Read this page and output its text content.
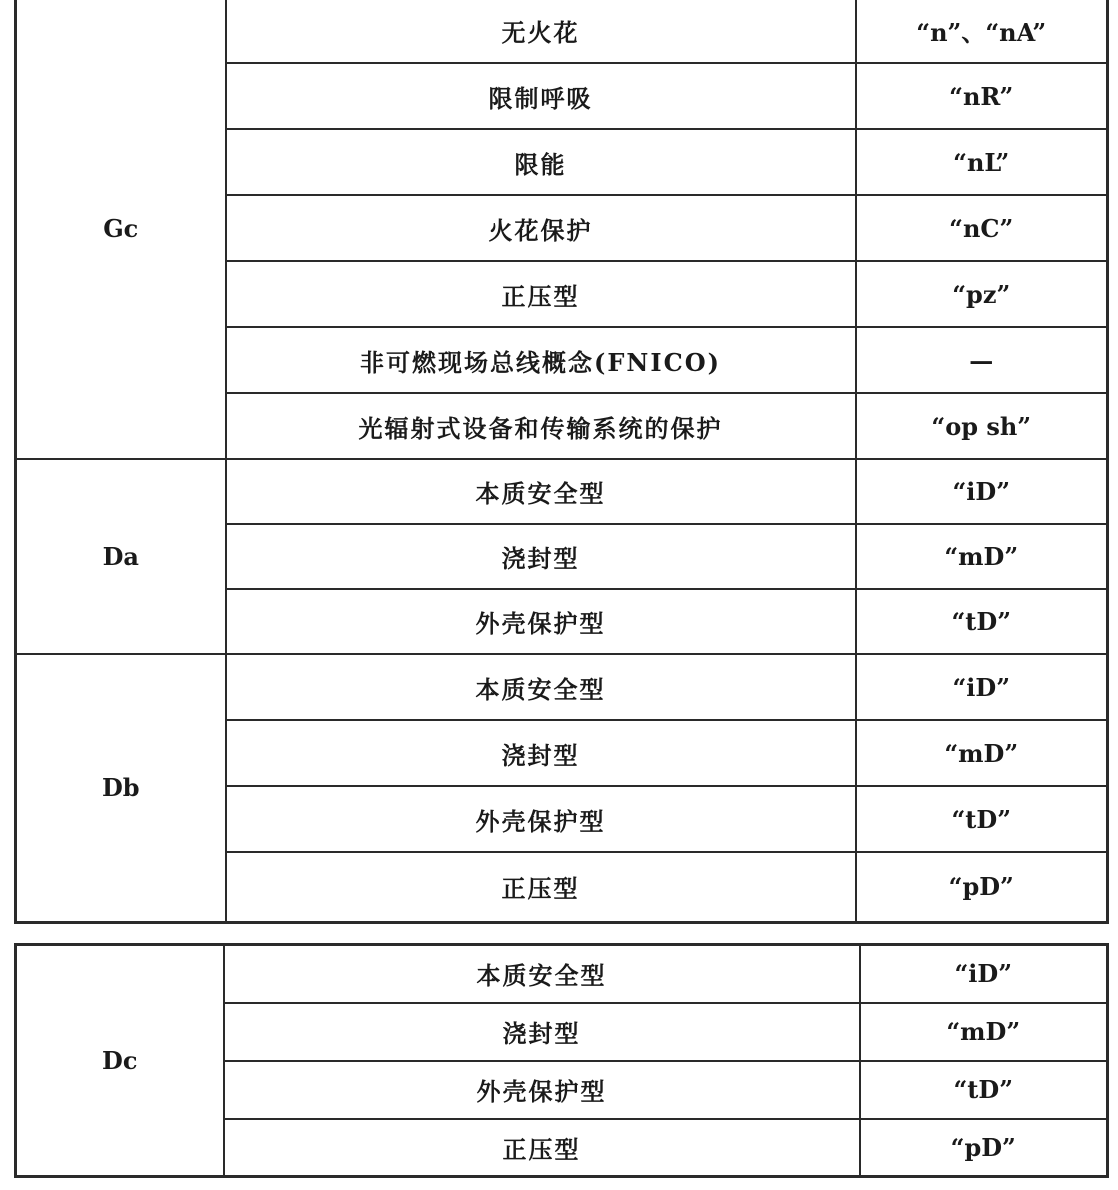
Gc	无火花	“n”、“nA”
	限制呼吸	“nR”
	限能	“nL”
	火花保护	“nC”
	正压型	“pz”
	非可燃现场总线概念(FNICO)	—
	光辐射式设备和传输系统的保护	“op sh”
Da	本质安全型	“iD”
	浇封型	“mD”
	外壳保护型	“tD”
Db	本质安全型	“iD”
	浇封型	“mD”
	外壳保护型	“tD”
	正压型	“pD”
Dc	本质安全型	“iD”
	浇封型	“mD”
	外壳保护型	“tD”
	正压型	“pD”
